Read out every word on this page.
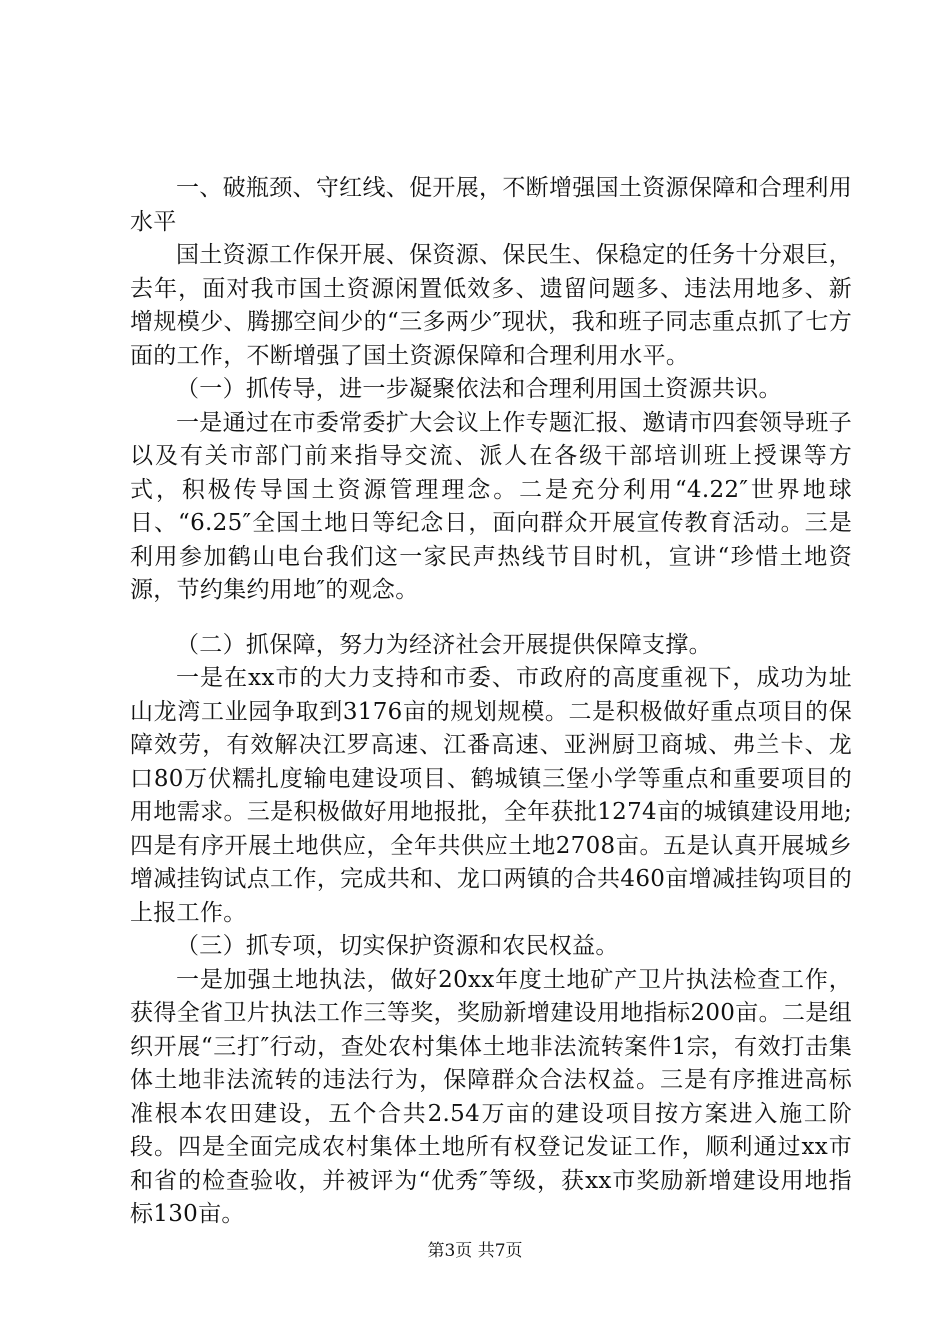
一、破瓶颈、守红线、促开展，不断增强国土资源保障和合理利用水平

国土资源工作保开展、保资源、保民生、保稳定的任务十分艰巨，去年，面对我市国土资源闲置低效多、遗留问题多、违法用地多、新增规模少、腾挪空间少的“三多两少″现状，我和班子同志重点抓了七方面的工作，不断增强了国土资源保障和合理利用水平。

（一）抓传导，进一步凝聚依法和合理利用国土资源共识。

一是通过在市委常委扩大会议上作专题汇报、邀请市四套领导班子以及有关市部门前来指导交流、派人在各级干部培训班上授课等方式，积极传导国土资源管理理念。二是充分利用“4.22″世界地球日、“6.25″全国土地日等纪念日，面向群众开展宣传教育活动。三是利用参加鹤山电台我们这一家民声热线节目时机，宣讲“珍惜土地资源，节约集约用地″的观念。

（二）抓保障，努力为经济社会开展提供保障支撑。

一是在xx市的大力支持和市委、市政府的高度重视下，成功为址山龙湾工业园争取到3176亩的规划规模。二是积极做好重点项目的保障效劳，有效解决江罗高速、江番高速、亚洲厨卫商城、弗兰卡、龙口80万伏糯扎度输电建设项目、鹤城镇三堡小学等重点和重要项目的用地需求。三是积极做好用地报批，全年获批1274亩的城镇建设用地;四是有序开展土地供应，全年共供应土地2708亩。五是认真开展城乡增减挂钩试点工作，完成共和、龙口两镇的合共460亩增减挂钩项目的上报工作。

（三）抓专项，切实保护资源和农民权益。

一是加强土地执法，做好20xx年度土地矿产卫片执法检查工作，获得全省卫片执法工作三等奖，奖励新增建设用地指标200亩。二是组织开展“三打″行动，查处农村集体土地非法流转案件1宗，有效打击集体土地非法流转的违法行为，保障群众合法权益。三是有序推进高标准根本农田建设，五个合共2.54万亩的建设项目按方案进入施工阶段。四是全面完成农村集体土地所有权登记发证工作，顺利通过xx市和省的检查验收，并被评为“优秀″等级，获xx市奖励新增建设用地指标130亩。

第3页 共7页
